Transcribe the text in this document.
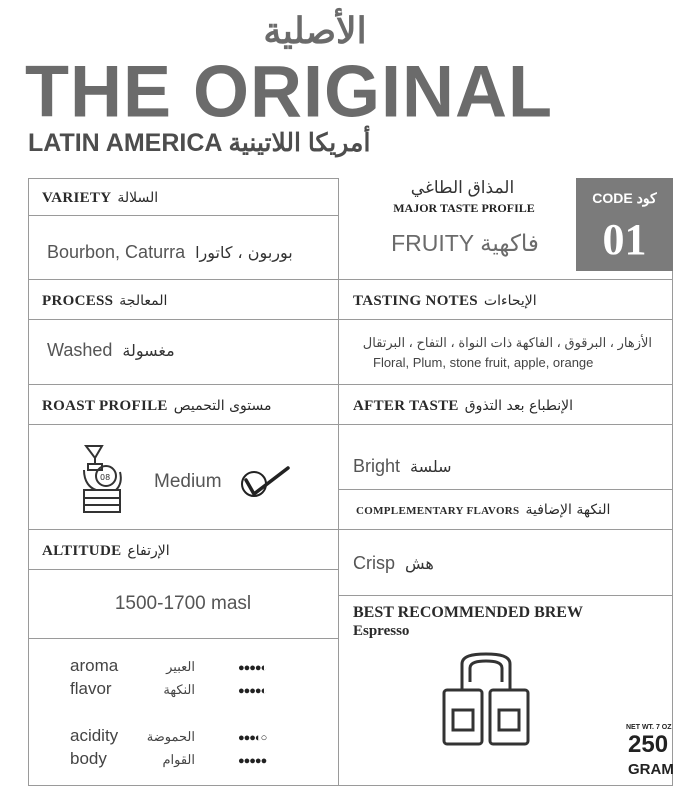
الأصلية
THE ORIGINAL
LATIN AMERICA أمريكا اللاتينية
CODE كود
01
المذاق الطاغي
MAJOR TASTE PROFILE
FRUITY فاكهية
VARIETY السلالة
Bourbon, Caturra بوربون ، كاتورا
PROCESS المعالجة
Washed مغسولة
TASTING NOTES الإيحاءات
الأزهار ، البرقوق ، الفاكهة ذات النواة ، التفاح ، البرتقال
Floral, Plum, stone fruit, apple, orange
ROAST PROFILE مستوى التحميص
08 Medium
AFTER TASTE الإنطباع بعد التذوق
Bright سلسة
COMPLEMENTARY FLAVORS النكهة الإضافية
Crisp هش
ALTITUDE الإرتفاع
1500-1700 masl
aroma	العبير	●●●●◐
flavor	النكهة	●●●●◐
acidity	الحموضة	●●●◐○
body	القوام	●●●●●
BEST RECOMMENDED BREW
Espresso
NET WT. 7 OZ
250
GRAM
